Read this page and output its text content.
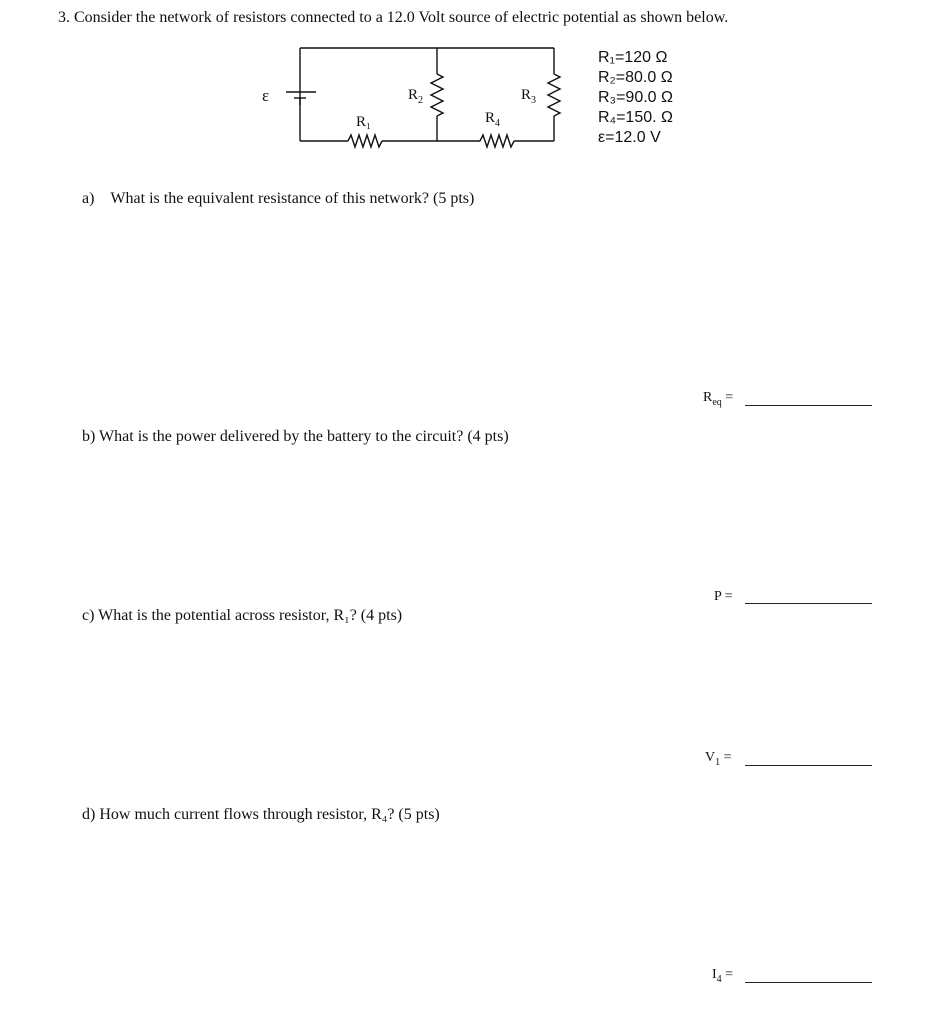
3. Consider the network of resistors connected to a 12.0 Volt source of electric potential as shown below.
ε
R₁
R 2	R 3
R 4
R₁=120 Ω
R₂=80.0 Ω
R₃=90.0 Ω
R₄=150. Ω
ε=12.0 V
a) What is the equivalent resistance of this network? (5 pts)
b) What is the power delivered by the battery to the circuit? (4 pts)
c) What is the potential across resistor, R₁? (4 pts)
d) How much current flows through resistor, R₄? (5 pts)
$R_{eq}$ =
P =
$V_1$ =
$I_4$ =
